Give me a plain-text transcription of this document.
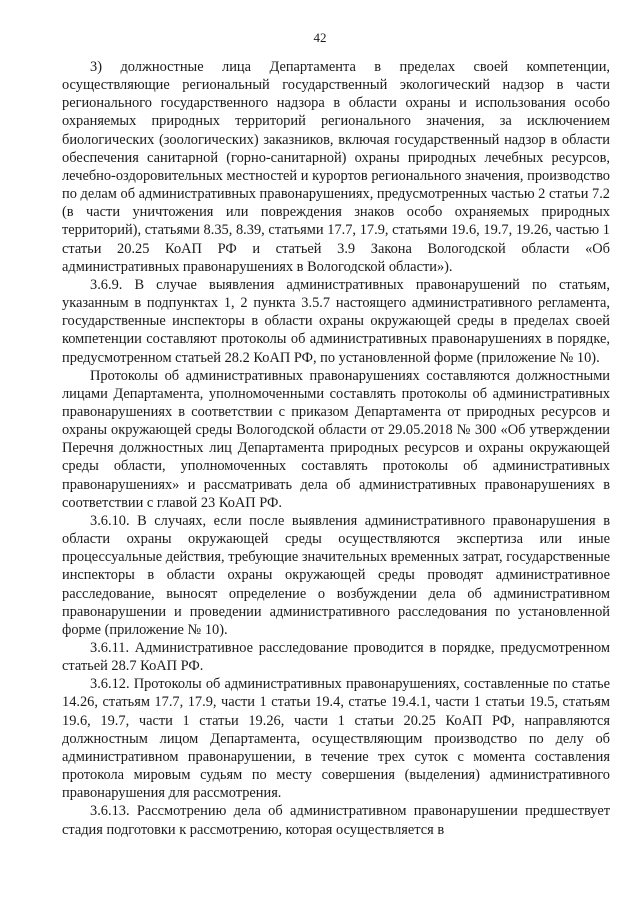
42

3) должностные лица Департамента в пределах своей компетенции, осуществляющие региональный государственный экологический надзор в части регионального государственного надзора в области охраны и использования особо охраняемых природных территорий регионального значения, за исключением биологических (зоологических) заказников, включая государственный надзор в области обеспечения санитарной (горно-санитарной) охраны природных лечебных ресурсов, лечебно-оздоровительных местностей и курортов регионального значения, производство по делам об административных правонарушениях, предусмотренных частью 2 статьи 7.2 (в части уничтожения или повреждения знаков особо охраняемых природных территорий), статьями 8.35, 8.39, статьями 17.7, 17.9, статьями 19.6, 19.7, 19.26, частью 1 статьи 20.25 КоАП РФ и статьей 3.9 Закона Вологодской области «Об административных правонарушениях в Вологодской области»).

3.6.9. В случае выявления административных правонарушений по статьям, указанным в подпунктах 1, 2 пункта 3.5.7 настоящего административного регламента, государственные инспекторы в области охраны окружающей среды в пределах своей компетенции составляют протоколы об административных правонарушениях в порядке, предусмотренном статьей 28.2 КоАП РФ, по установленной форме (приложение № 10).

Протоколы об административных правонарушениях составляются должностными лицами Департамента, уполномоченными составлять протоколы об административных правонарушениях в соответствии с приказом Департамента от природных ресурсов и охраны окружающей среды Вологодской области от 29.05.2018 № 300 «Об утверждении Перечня должностных лиц Департамента природных ресурсов и охраны окружающей среды области, уполномоченных составлять протоколы об административных правонарушениях» и рассматривать дела об административных правонарушениях в соответствии с главой 23 КоАП РФ.

3.6.10. В случаях, если после выявления административного правонарушения в области охраны окружающей среды осуществляются экспертиза или иные процессуальные действия, требующие значительных временных затрат, государственные инспекторы в области охраны окружающей среды проводят административное расследование, выносят определение о возбуждении дела об административном правонарушении и проведении административного расследования по установленной форме (приложение № 10).

3.6.11. Административное расследование проводится в порядке, предусмотренном статьей 28.7 КоАП РФ.

3.6.12. Протоколы об административных правонарушениях, составленные по статье 14.26, статьям 17.7, 17.9, части 1 статьи 19.4, статье 19.4.1, части 1 статьи 19.5, статьям 19.6, 19.7, части 1 статьи 19.26, части 1 статьи 20.25 КоАП РФ, направляются должностным лицом Департамента, осуществляющим производство по делу об административном правонарушении, в течение трех суток с момента составления протокола мировым судьям по месту совершения (выделения) административного правонарушения для рассмотрения.

3.6.13. Рассмотрению дела об административном правонарушении предшествует стадия подготовки к рассмотрению, которая осуществляется в
